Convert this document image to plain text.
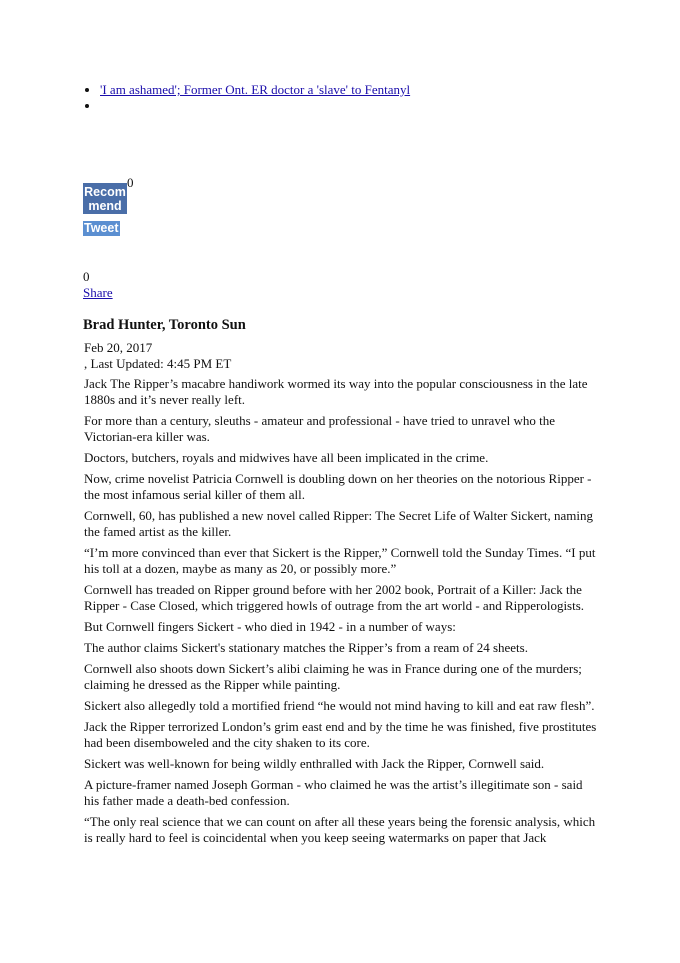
• 'I am ashamed'; Former Ont. ER doctor a 'slave' to Fentanyl
•
Recommend
0
Tweet
0
Share
Brad Hunter, Toronto Sun
Feb 20, 2017
, Last Updated: 4:45 PM ET

Jack The Ripper’s macabre handiwork wormed its way into the popular consciousness in the late 1880s and it’s never really left.

For more than a century, sleuths - amateur and professional - have tried to unravel who the Victorian-era killer was.

Doctors, butchers, royals and midwives have all been implicated in the crime.

Now, crime novelist Patricia Cornwell is doubling down on her theories on the notorious Ripper - the most infamous serial killer of them all.

Cornwell, 60, has published a new novel called Ripper: The Secret Life of Walter Sickert, naming the famed artist as the killer.

“I’m more convinced than ever that Sickert is the Ripper,” Cornwell told the Sunday Times. “I put his toll at a dozen, maybe as many as 20, or possibly more.”

Cornwell has treaded on Ripper ground before with her 2002 book, Portrait of a Killer: Jack the Ripper - Case Closed, which triggered howls of outrage from the art world - and Ripperologists.

But Cornwell fingers Sickert - who died in 1942 - in a number of ways:

The author claims Sickert's stationary matches the Ripper’s from a ream of 24 sheets.

Cornwell also shoots down Sickert’s alibi claiming he was in France during one of the murders; claiming he dressed as the Ripper while painting.

Sickert also allegedly told a mortified friend “he would not mind having to kill and eat raw flesh”.

Jack the Ripper terrorized London’s grim east end and by the time he was finished, five prostitutes had been disemboweled and the city shaken to its core.

Sickert was well-known for being wildly enthralled with Jack the Ripper, Cornwell said.

A picture-framer named Joseph Gorman - who claimed he was the artist’s illegitimate son - said his father made a death-bed confession.

“The only real science that we can count on after all these years being the forensic analysis, which is really hard to feel is coincidental when you keep seeing watermarks on paper that Jack
